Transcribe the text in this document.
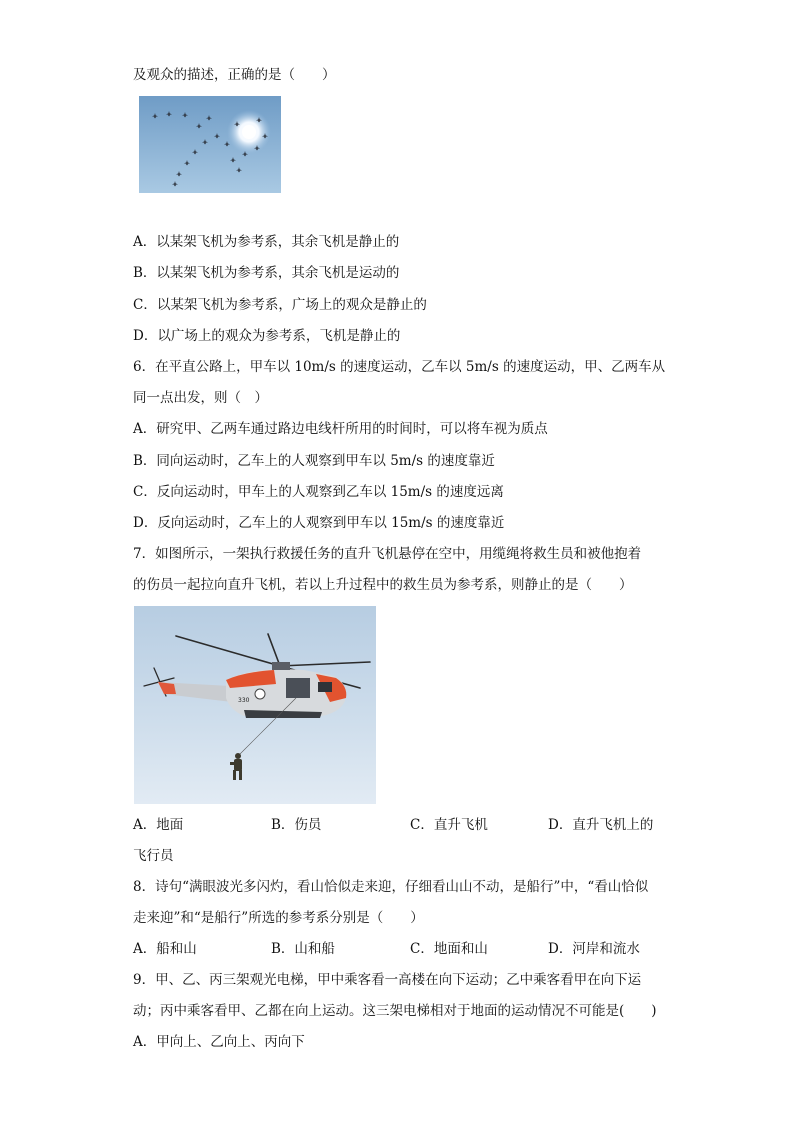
及观众的描述，正确的是（　　）
A．以某架飞机为参考系，其余飞机是静止的
B．以某架飞机为参考系，其余飞机是运动的
C．以某架飞机为参考系，广场上的观众是静止的
D．以广场上的观众为参考系，飞机是静止的
6．在平直公路上，甲车以 10m/s 的速度运动，乙车以 5m/s 的速度运动，甲、乙两车从
同一点出发，则（　）
A．研究甲、乙两车通过路边电线杆所用的时间时，可以将车视为质点
B．同向运动时，乙车上的人观察到甲车以 5m/s 的速度靠近
C．反向运动时，甲车上的人观察到乙车以 15m/s 的速度远离
D．反向运动时，乙车上的人观察到甲车以 15m/s 的速度靠近
7．如图所示，一架执行救援任务的直升飞机悬停在空中，用缆绳将救生员和被他抱着
的伤员一起拉向直升飞机，若以上升过程中的救生员为参考系，则静止的是（　　）
330
A．地面	B．伤员	C．直升飞机	D．直升飞机上的
飞行员
8．诗句“满眼波光多闪灼，看山恰似走来迎，仔细看山山不动，是船行”中，“看山恰似
走来迎”和“是船行”所选的参考系分别是（　　）
A．船和山	B．山和船	C．地面和山	D．河岸和流水
9．甲、乙、丙三架观光电梯，甲中乘客看一高楼在向下运动；乙中乘客看甲在向下运
动；丙中乘客看甲、乙都在向上运动。这三架电梯相对于地面的运动情况不可能是(　　)
A．甲向上、乙向上、丙向下
